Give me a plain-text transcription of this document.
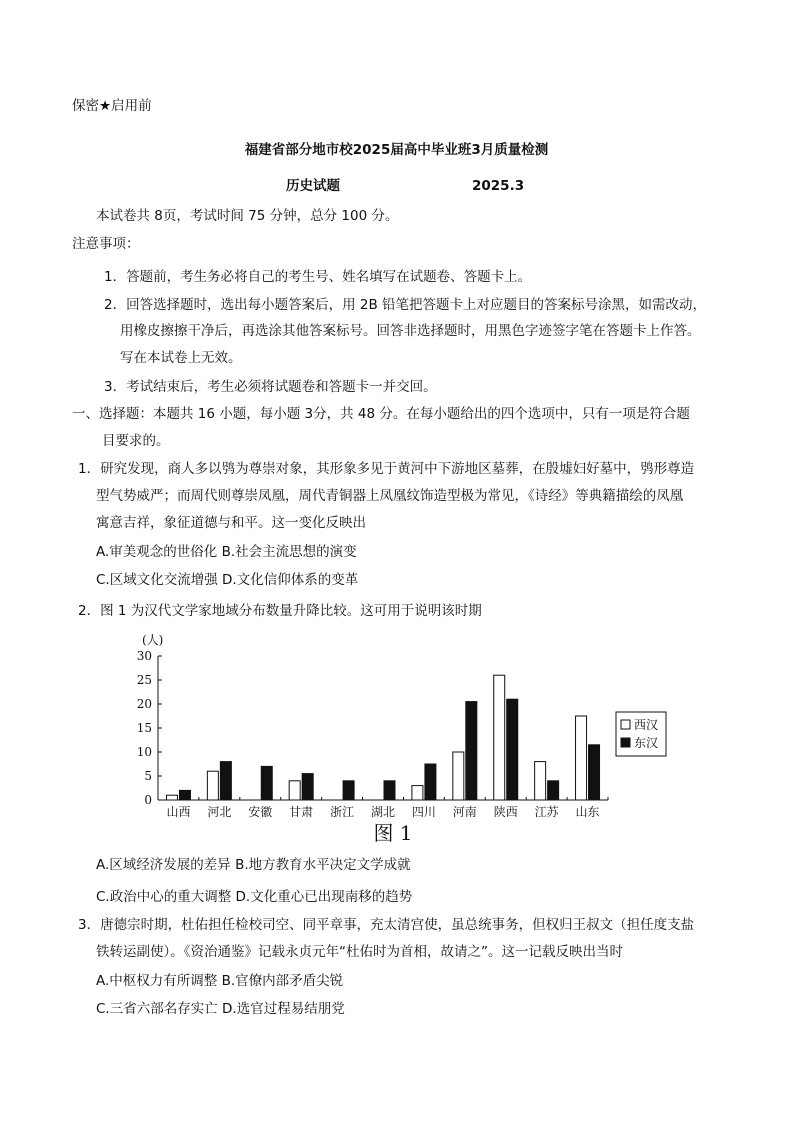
保密★启用前
福建省部分地市校2025届高中毕业班3月质量检测
历史试题	2025.3
本试卷共 8页，考试时间 75 分钟，总分 100 分。
注意事项：
1．答题前，考生务必将自己的考生号、姓名填写在试题卷、答题卡上。
2．回答选择题时，选出每小题答案后，用 2B 铅笔把答题卡上对应题目的答案标号涂黑，如需改动，
用橡皮擦擦干净后，再选涂其他答案标号。回答非选择题时，用黑色字迹签字笔在答题卡上作答。
写在本试卷上无效。
3．考试结束后，考生必须将试题卷和答题卡一并交回。
一、选择题：本题共 16 小题，每小题 3分，共 48 分。在每小题给出的四个选项中，只有一项是符合题
目要求的。
1．研究发现，商人多以鸮为尊崇对象，其形象多见于黄河中下游地区墓葬，在殷墟妇好墓中，鸮形尊造
型气势威严；而周代则尊崇凤凰，周代青铜器上凤凰纹饰造型极为常见，《诗经》等典籍描绘的凤凰
寓意吉祥，象征道德与和平。这一变化反映出
A.审美观念的世俗化 B.社会主流思想的演变
C.区域文化交流增强 D.文化信仰体系的变革
2．图 1 为汉代文学家地域分布数量升降比较。这可用于说明该时期
(人)
0
5
10
15
20
25
30
山西 河北 安徽 甘肃 浙江 湖北 四川 河南 陕西 江苏 山东
图 1
西汉
东汉
A.区域经济发展的差异 B.地方教育水平决定文学成就
C.政治中心的重大调整 D.文化重心已出现南移的趋势
3．唐德宗时期，杜佑担任检校司空、同平章事，充太清宫使，虽总统事务，但权归王叔文（担任度支盐
铁转运副使）。《资治通鉴》记载永贞元年“杜佑时为首相，故请之”。这一记载反映出当时
A.中枢权力有所调整 B.官僚内部矛盾尖锐
C.三省六部名存实亡 D.选官过程易结朋党
